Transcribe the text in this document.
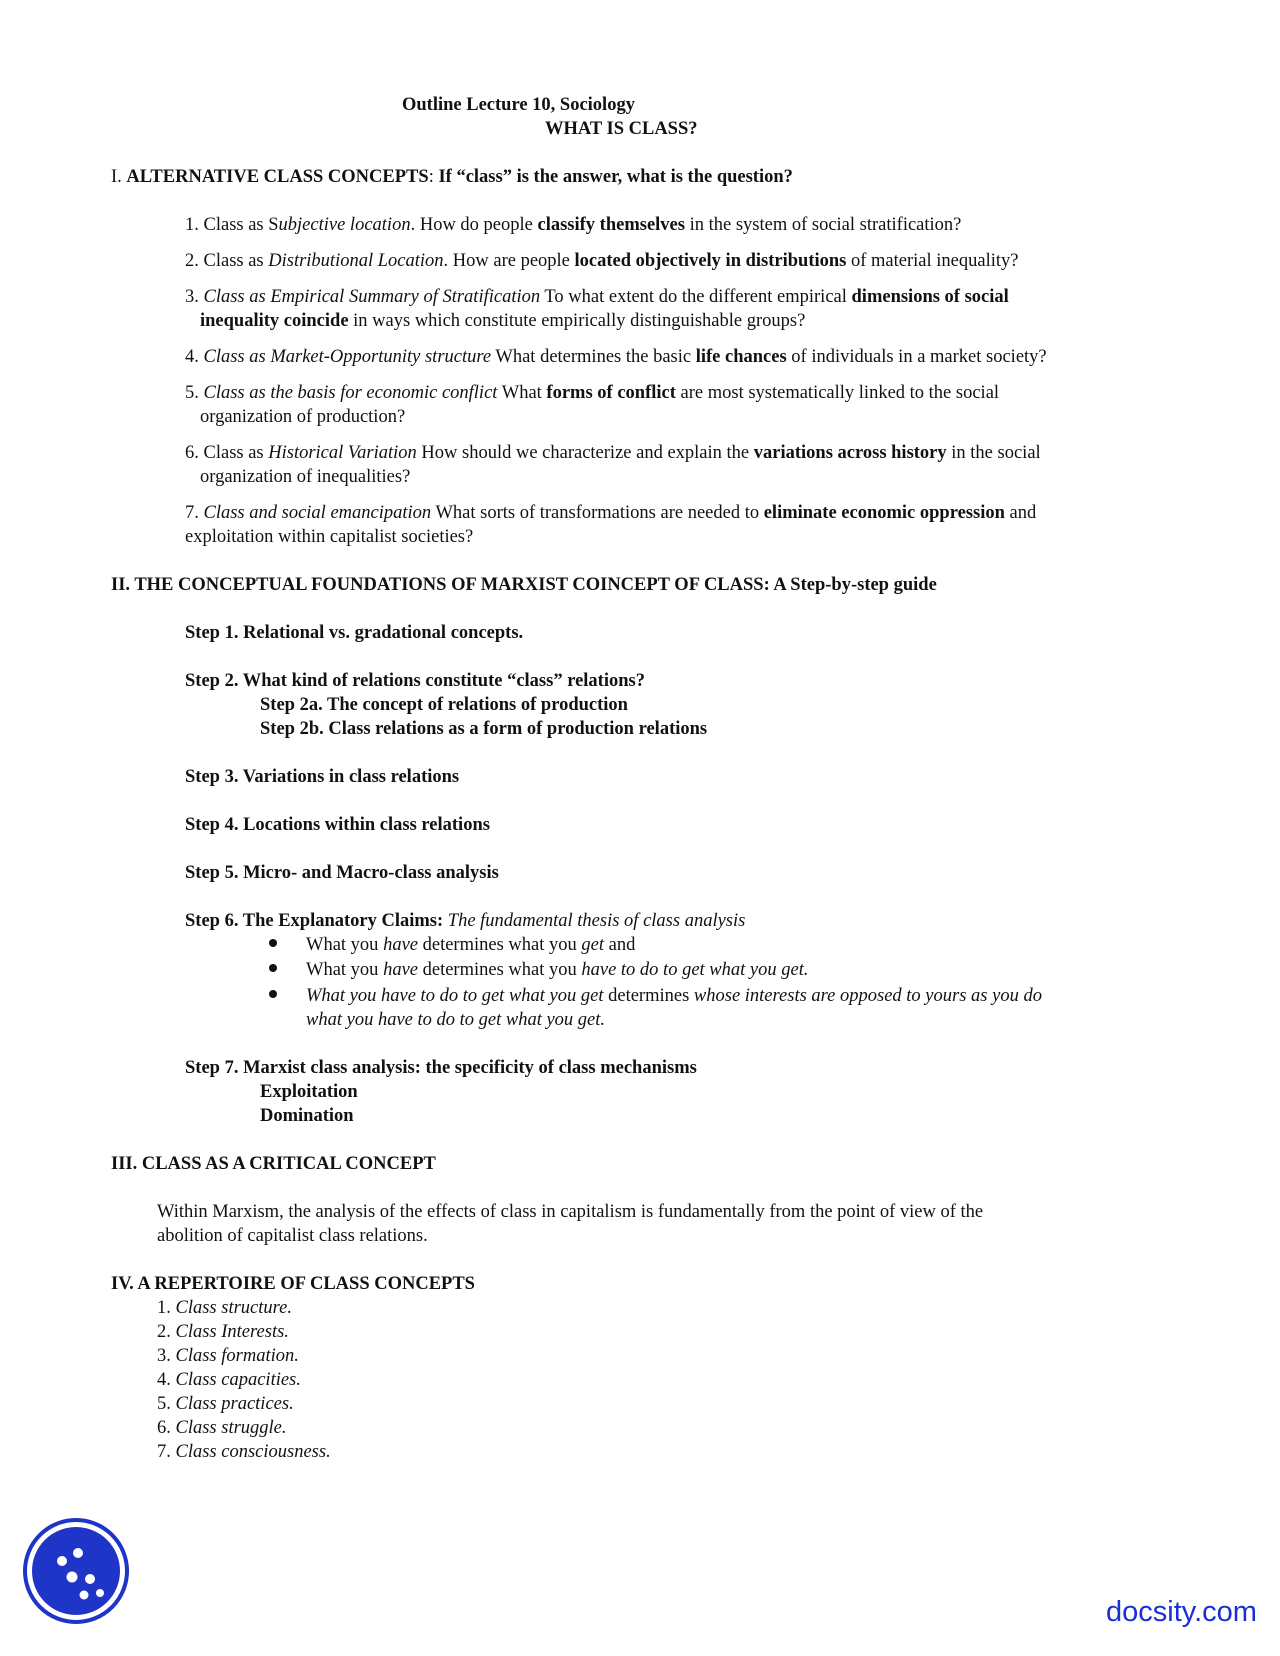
Outline Lecture 10, Sociology
WHAT IS CLASS?
I. ALTERNATIVE CLASS CONCEPTS: If “class” is the answer, what is the question?
1. Class as Subjective location. How do people classify themselves in the system of social stratification?
2. Class as Distributional Location. How are people located objectively in distributions of material inequality?
3. Class as Empirical Summary of Stratification To what extent do the different empirical dimensions of social
inequality coincide in ways which constitute empirically distinguishable groups?
4. Class as Market-Opportunity structure What determines the basic life chances of individuals in a market society?
5. Class as the basis for economic conflict What forms of conflict are most systematically linked to the social
organization of production?
6. Class as Historical Variation How should we characterize and explain the variations across history in the social
organization of inequalities?
7. Class and social emancipation What sorts of transformations are needed to eliminate economic oppression and
exploitation within capitalist societies?
II. THE CONCEPTUAL FOUNDATIONS OF MARXIST COINCEPT OF CLASS: A Step-by-step guide
Step 1. Relational vs. gradational concepts.
Step 2. What kind of relations constitute “class” relations?
Step 2a. The concept of relations of production
Step 2b. Class relations as a form of production relations
Step 3. Variations in class relations
Step 4. Locations within class relations
Step 5. Micro- and Macro-class analysis
Step 6. The Explanatory Claims: The fundamental thesis of class analysis
What you have determines what you get and
What you have determines what you have to do to get what you get.
What you have to do to get what you get determines whose interests are opposed to yours as you do
what you have to do to get what you get.
Step 7. Marxist class analysis: the specificity of class mechanisms
Exploitation
Domination
III. CLASS AS A CRITICAL CONCEPT
Within Marxism, the analysis of the effects of class in capitalism is fundamentally from the point of view of the
abolition of capitalist class relations.
IV. A REPERTOIRE OF CLASS CONCEPTS
1. Class structure.
2. Class Interests.
3. Class formation.
4. Class capacities.
5. Class practices.
6. Class struggle.
7. Class consciousness.
docsity.com
